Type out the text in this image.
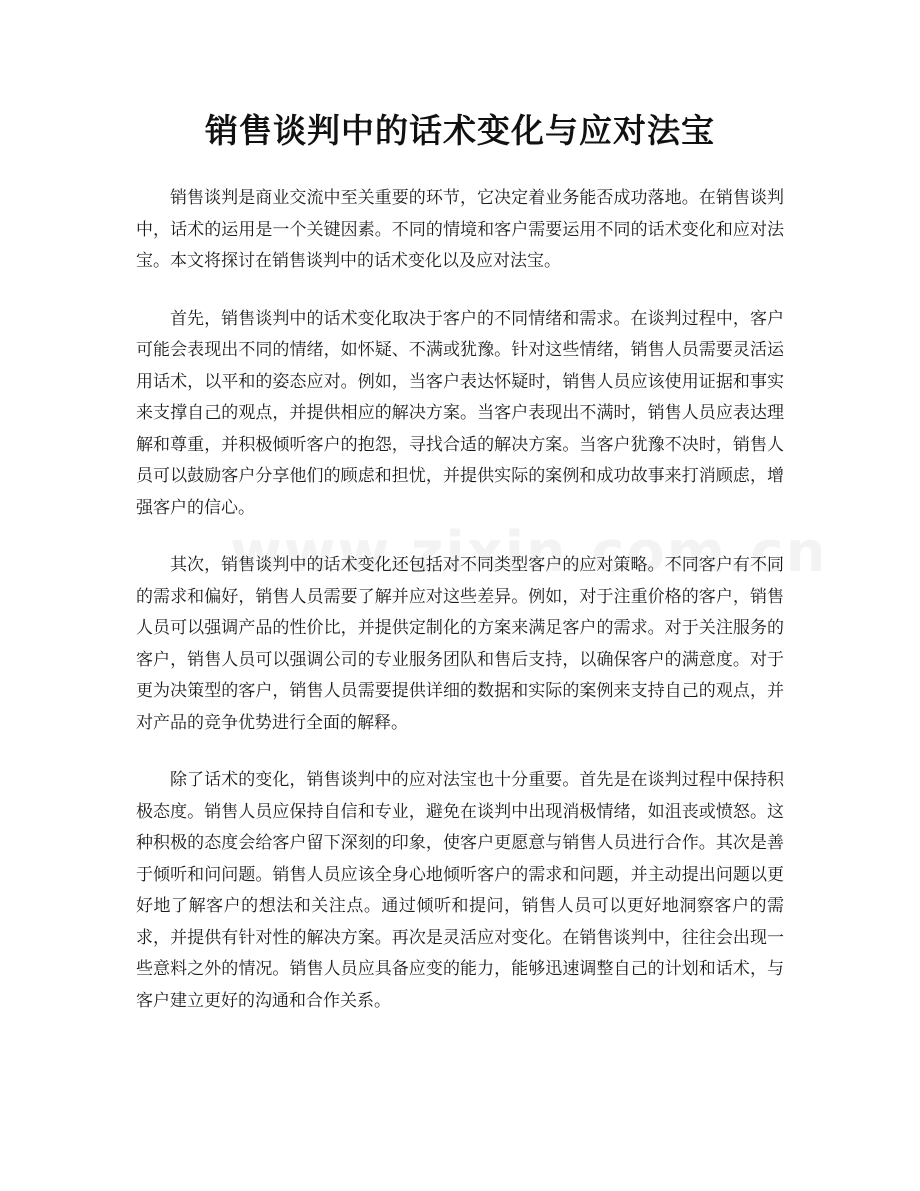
销售谈判中的话术变化与应对法宝

销售谈判是商业交流中至关重要的环节，它决定着业务能否成功落地。在销售谈判中，话术的运用是一个关键因素。不同的情境和客户需要运用不同的话术变化和应对法宝。本文将探讨在销售谈判中的话术变化以及应对法宝。

首先，销售谈判中的话术变化取决于客户的不同情绪和需求。在谈判过程中，客户可能会表现出不同的情绪，如怀疑、不满或犹豫。针对这些情绪，销售人员需要灵活运用话术，以平和的姿态应对。例如，当客户表达怀疑时，销售人员应该使用证据和事实来支撑自己的观点，并提供相应的解决方案。当客户表现出不满时，销售人员应表达理解和尊重，并积极倾听客户的抱怨，寻找合适的解决方案。当客户犹豫不决时，销售人员可以鼓励客户分享他们的顾虑和担忧，并提供实际的案例和成功故事来打消顾虑，增强客户的信心。

其次，销售谈判中的话术变化还包括对不同类型客户的应对策略。不同客户有不同的需求和偏好，销售人员需要了解并应对这些差异。例如，对于注重价格的客户，销售人员可以强调产品的性价比，并提供定制化的方案来满足客户的需求。对于关注服务的客户，销售人员可以强调公司的专业服务团队和售后支持，以确保客户的满意度。对于更为决策型的客户，销售人员需要提供详细的数据和实际的案例来支持自己的观点，并对产品的竞争优势进行全面的解释。

除了话术的变化，销售谈判中的应对法宝也十分重要。首先是在谈判过程中保持积极态度。销售人员应保持自信和专业，避免在谈判中出现消极情绪，如沮丧或愤怒。这种积极的态度会给客户留下深刻的印象，使客户更愿意与销售人员进行合作。其次是善于倾听和问问题。销售人员应该全身心地倾听客户的需求和问题，并主动提出问题以更好地了解客户的想法和关注点。通过倾听和提问，销售人员可以更好地洞察客户的需求，并提供有针对性的解决方案。再次是灵活应对变化。在销售谈判中，往往会出现一些意料之外的情况。销售人员应具备应变的能力，能够迅速调整自己的计划和话术，与客户建立更好的沟通和合作关系。
